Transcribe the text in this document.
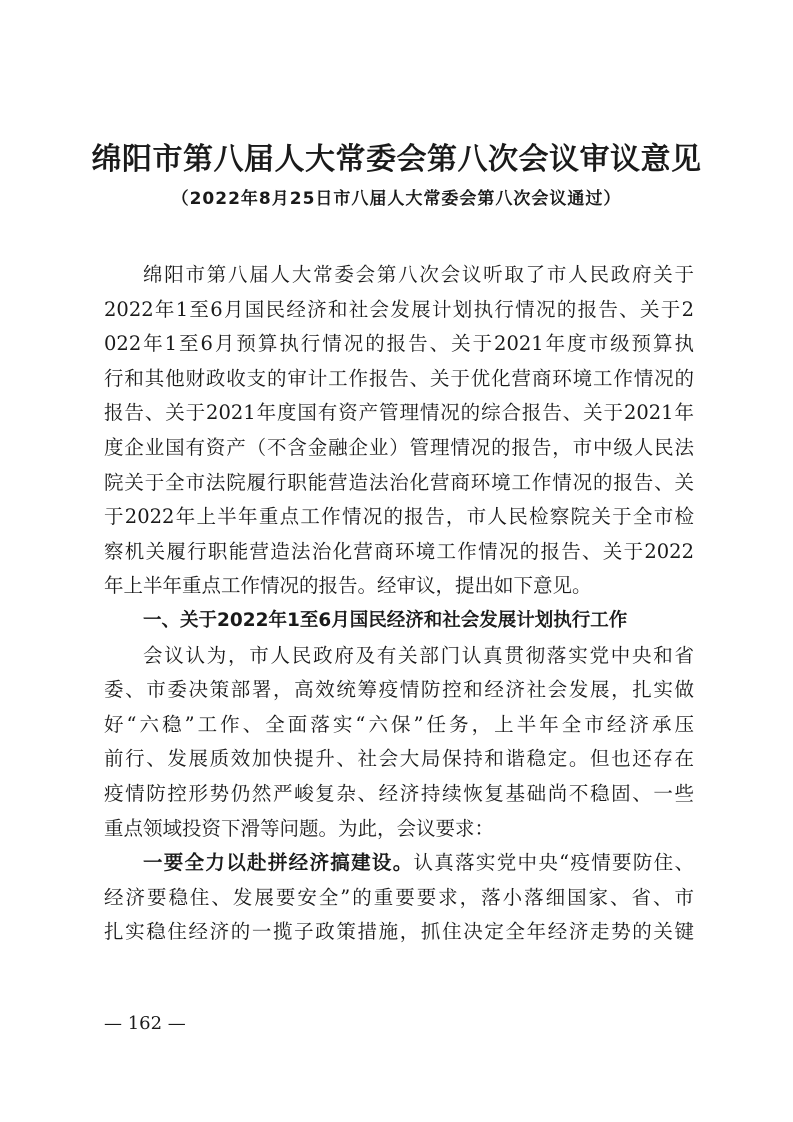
绵阳市第八届人大常委会第八次会议审议意见
（2022年8月25日市八届人大常委会第八次会议通过）
绵阳市第八届人大常委会第八次会议听取了市人民政府关于
2022年1至6月国民经济和社会发展计划执行情况的报告、关于2
022年1至6月预算执行情况的报告、关于2021年度市级预算执
行和其他财政收支的审计工作报告、关于优化营商环境工作情况的
报告、关于2021年度国有资产管理情况的综合报告、关于2021年
度企业国有资产（不含金融企业）管理情况的报告，市中级人民法
院关于全市法院履行职能营造法治化营商环境工作情况的报告、关
于2022年上半年重点工作情况的报告，市人民检察院关于全市检
察机关履行职能营造法治化营商环境工作情况的报告、关于2022
年上半年重点工作情况的报告。经审议，提出如下意见。
一、关于2022年1至6月国民经济和社会发展计划执行工作
会议认为，市人民政府及有关部门认真贯彻落实党中央和省
委、市委决策部署，高效统筹疫情防控和经济社会发展，扎实做
好“六稳”工作、全面落实“六保”任务，上半年全市经济承压
前行、发展质效加快提升、社会大局保持和谐稳定。但也还存在
疫情防控形势仍然严峻复杂、经济持续恢复基础尚不稳固、一些
重点领域投资下滑等问题。为此，会议要求：
一要全力以赴拼经济搞建设。认真落实党中央“疫情要防住、
经济要稳住、发展要安全”的重要要求，落小落细国家、省、市
扎实稳住经济的一揽子政策措施，抓住决定全年经济走势的关键
— 162 —
